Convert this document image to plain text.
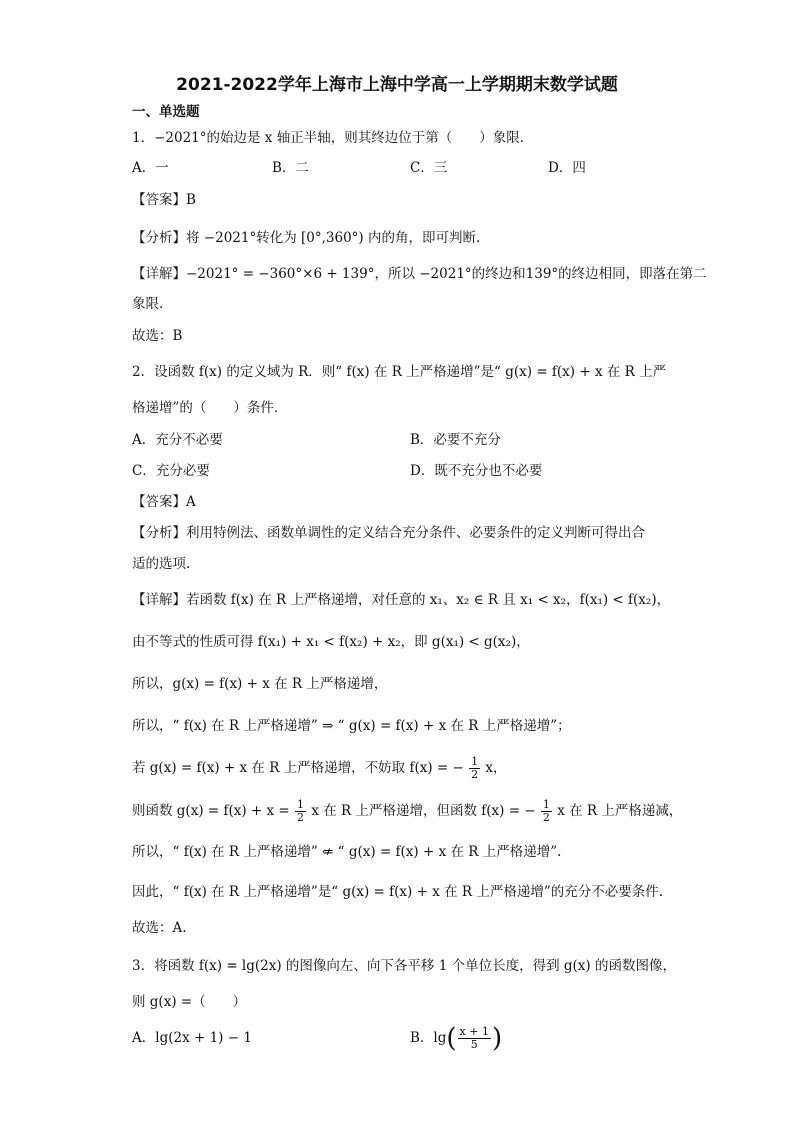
2021-2022学年上海市上海中学高一上学期期末数学试题
一、单选题
1．−2021°的始边是 x 轴正半轴，则其终边位于第（　　）象限．
A．一	B．二	C．三	D．四
【答案】B
【分析】将 −2021°转化为 [0°,360°) 内的角，即可判断.
【详解】−2021° = −360°×6 + 139°，所以 −2021°的终边和139°的终边相同，即落在第二
象限.
故选：B
2．设函数 f(x) 的定义域为 R．则“ f(x) 在 R 上严格递增”是“ g(x) = f(x) + x 在 R 上严
格递增”的（　　）条件．
A．充分不必要	B．必要不充分
C．充分必要	D．既不充分也不必要
【答案】A
【分析】利用特例法、函数单调性的定义结合充分条件、必要条件的定义判断可得出合
适的选项.
【详解】若函数 f(x) 在 R 上严格递增，对任意的 x₁、x₂ ∈ R 且 x₁ < x₂，f(x₁) < f(x₂)，
由不等式的性质可得 f(x₁) + x₁ < f(x₂) + x₂，即 g(x₁) < g(x₂)，
所以，g(x) = f(x) + x 在 R 上严格递增，
所以，“ f(x) 在 R 上严格递增” ⇒ “ g(x) = f(x) + x 在 R 上严格递增”；
若 g(x) = f(x) + x 在 R 上严格递增，不妨取 f(x) = − $\frac{1}{2}$ x，
则函数 $g(x) = f(x) + x = \frac{1}{2}$ x 在 R 上严格递增，但函数 f(x) = − $\frac{1}{2}$ x 在 R 上严格递减，
所以，“ f(x) 在 R 上严格递增” ⇍ “ g(x) = f(x) + x 在 R 上严格递增”.
因此，“ f(x) 在 R 上严格递增”是“ g(x) = f(x) + x 在 R 上严格递增”的充分不必要条件.
故选：A.
3．将函数 f(x) = lg(2x) 的图像向左、向下各平移 1 个单位长度，得到 g(x) 的函数图像，
则 g(x) =（　　）
A．lg(2x + 1) − 1	B．$\lg( \frac{x + 1}{5}$ )
